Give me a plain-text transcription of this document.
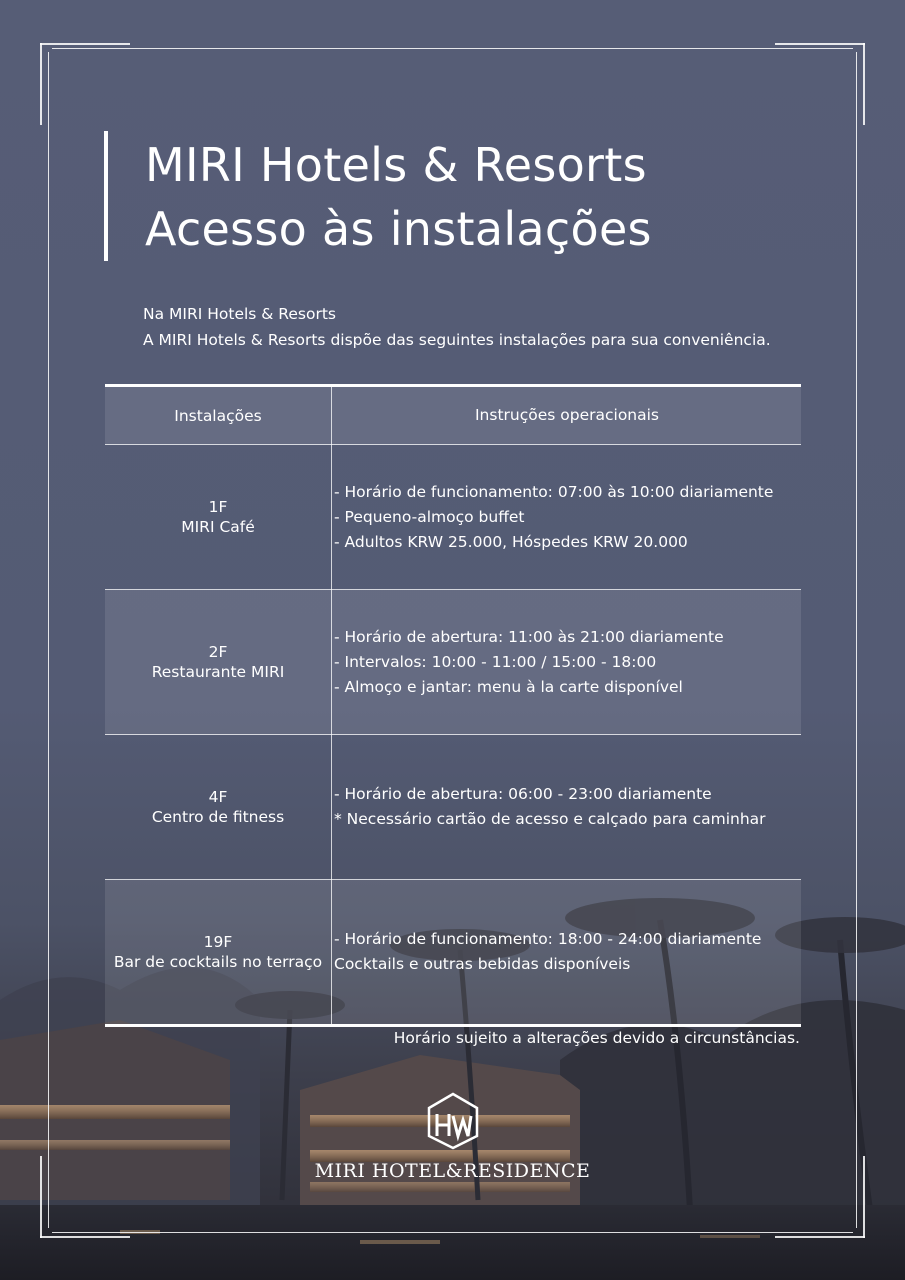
MIRI Hotels & Resorts
Acesso às instalações
Na MIRI Hotels & Resorts
A MIRI Hotels & Resorts dispõe das seguintes instalações para sua conveniência.
Instalações	Instruções operacionais

1F
MIRI Café	- Horário de funcionamento: 07:00 às 10:00 diariamente
- Pequeno-almoço buffet
- Adultos KRW 25.000, Hóspedes KRW 20.000

2F
Restaurante MIRI	- Horário de abertura: 11:00 às 21:00 diariamente
- Intervalos: 10:00 - 11:00 / 15:00 - 18:00
- Almoço e jantar: menu à la carte disponível

4F
Centro de fitness	- Horário de abertura: 06:00 - 23:00 diariamente
* Necessário cartão de acesso e calçado para caminhar

19F
Bar de cocktails no terraço	- Horário de funcionamento: 18:00 - 24:00 diariamente
Cocktails e outras bebidas disponíveis
Horário sujeito a alterações devido a circunstâncias.
MIRI HOTEL&RESIDENCE
